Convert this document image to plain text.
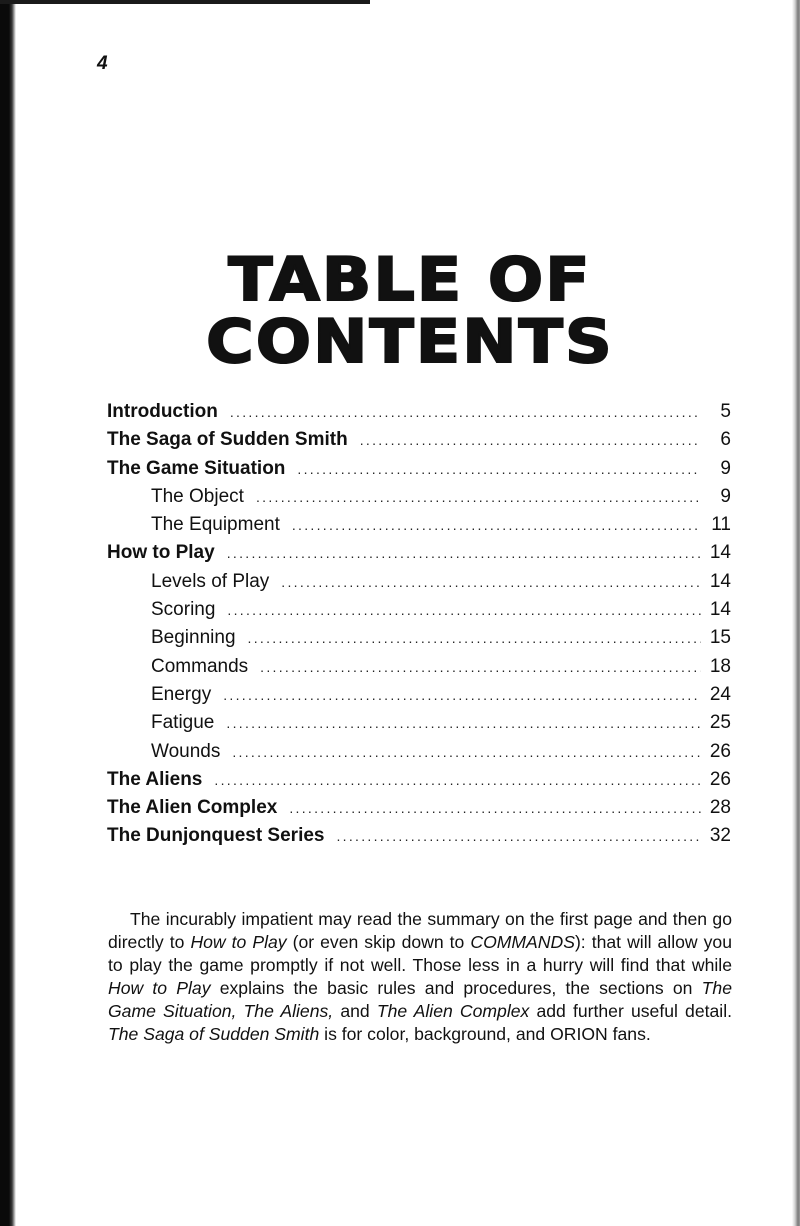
4
TABLE OF
CONTENTS
Introduction .....	5
The Saga of Sudden Smith .....	6
The Game Situation .....	9
The Object .....	9
The Equipment .....	11
How to Play .....	14
Levels of Play .....	14
Scoring .....	14
Beginning .....	15
Commands .....	18
Energy .....	24
Fatigue .....	25
Wounds .....	26
The Aliens .....	26
The Alien Complex .....	28
The Dunjonquest Series .....	32
The incurably impatient may read the summary on the first page and then go directly to How to Play (or even skip down to COMMANDS): that will allow you to play the game promptly if not well. Those less in a hurry will find that while How to Play explains the basic rules and procedures, the sections on The Game Situation, The Aliens, and The Alien Complex add further useful detail. The Saga of Sudden Smith is for color, background, and ORION fans.
